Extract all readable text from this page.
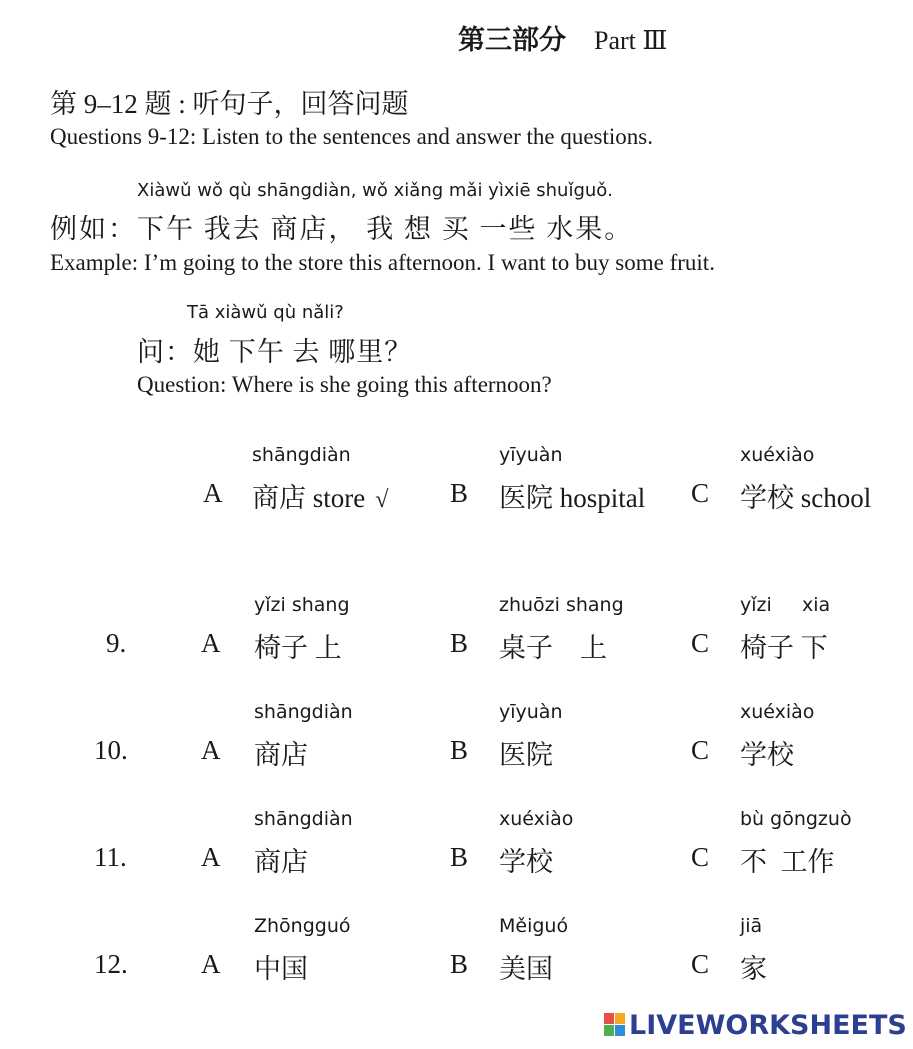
第三部分 Part Ⅲ
第 9–12 题 : 听句子，回答问题
Questions 9-12: Listen to the sentences and answer the questions.
Xiàwǔ wǒ qù shāngdiàn, wǒ xiǎng mǎi yìxiē shuǐguǒ.
例如：下午 我去 商店， 我 想 买 一些 水果。
Example: I’m going to the store this afternoon. I want to buy some fruit.
Tā xiàwǔ qù nǎli?
问：她 下午 去 哪里？
Question: Where is she going this afternoon?
A
shāngdiàn
商店 store √ B
yīyuàn
医院 hospital C
xuéxiào
学校 school
9.	A
yǐzi shang
椅子 上	B
zhuōzi shang
桌子    上	C
yǐzi     xia
椅子 下
10.	A
shāngdiàn
商店	B
yīyuàn
医院	C
xuéxiào
学校
11.	A
shāngdiàn
商店	B
xuéxiào
学校	C
bù gōngzuò
不  工作
12.	A
Zhōngguó
中国	B
Měiguó
美国	C
jiā
家
LIVEWORKSHEETS
